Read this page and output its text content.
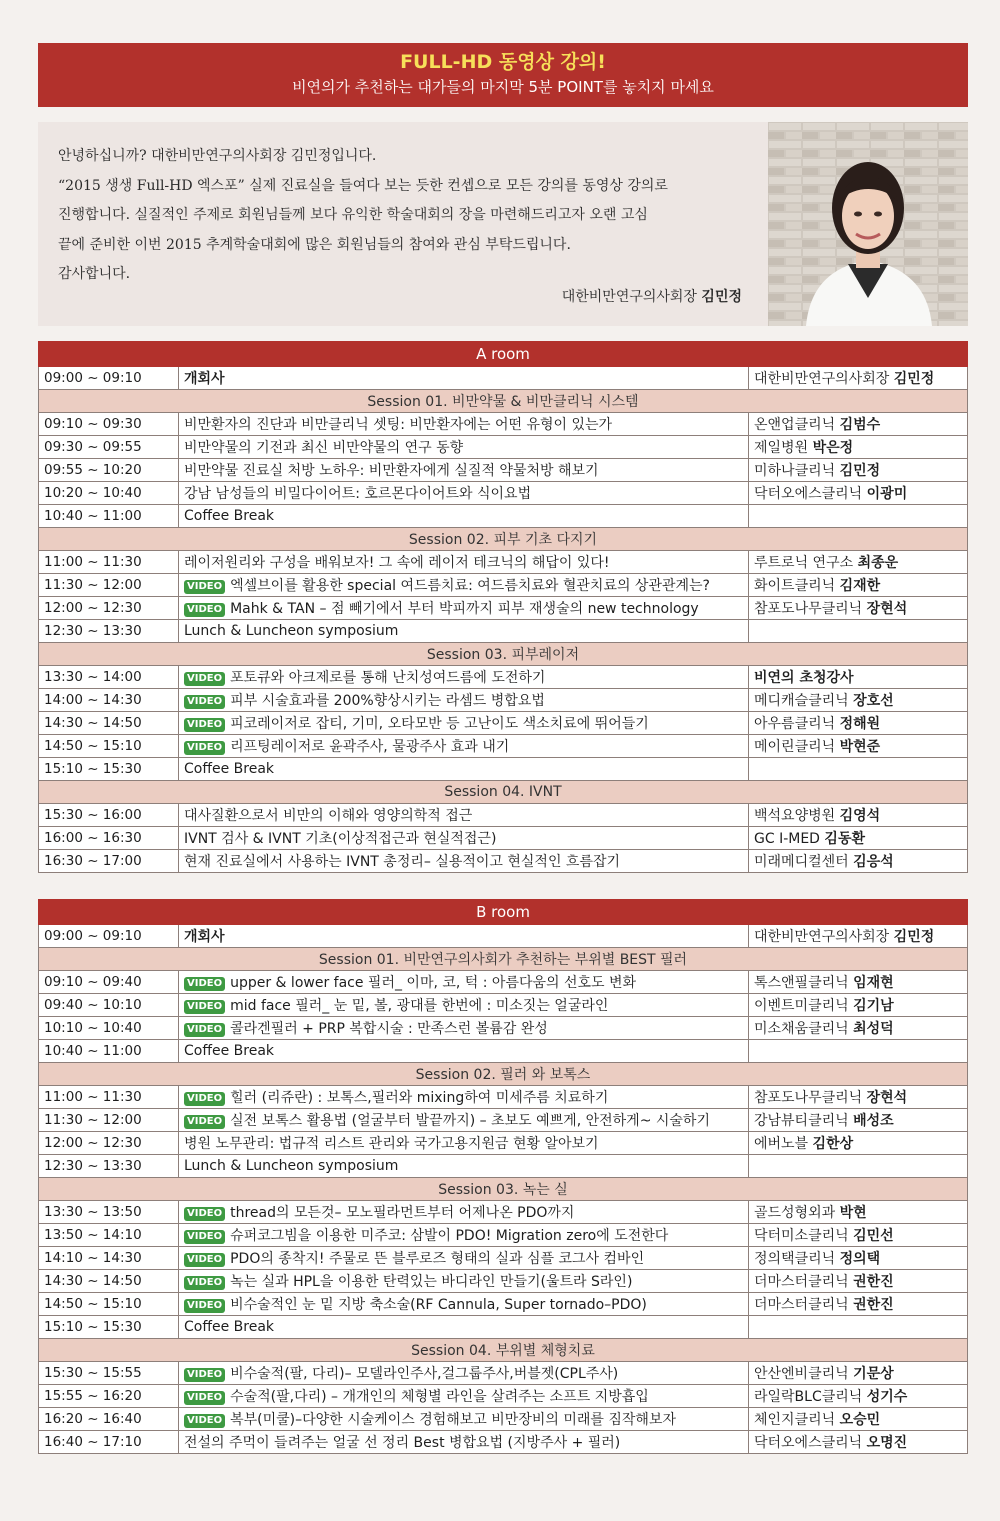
FULL-HD 동영상 강의!
비연의가 추천하는 대가들의 마지막 5분 POINT를 놓치지 마세요
안녕하십니까? 대한비만연구의사회장 김민정입니다.
“2015 생생 Full-HD 엑스포” 실제 진료실을 들여다 보는 듯한 컨셉으로 모든 강의를 동영상 강의로
진행합니다. 실질적인 주제로 회원님들께 보다 유익한 학술대회의 장을 마련해드리고자 오랜 고심
끝에 준비한 이번 2015 추계학술대회에 많은 회원님들의 참여와 관심 부탁드립니다.
감사합니다.
대한비만연구의사회장 김민정
A room		
09:00 ~ 09:10	개회사	대한비만연구의사회장 김민정
Session 01. 비만약물 & 비만클리닉 시스템		
09:10 ~ 09:30	비만환자의 진단과 비만클리닉 셋팅: 비만환자에는 어떤 유형이 있는가	온앤업클리닉 김범수
09:30 ~ 09:55	비만약물의 기전과 최신 비만약물의 연구 동향	제일병원 박은정
09:55 ~ 10:20	비만약물 진료실 처방 노하우: 비만환자에게 실질적 약물처방 해보기	미하나클리닉 김민정
10:20 ~ 10:40	강남 남성들의 비밀다이어트: 호르몬다이어트와 식이요법	닥터오에스클리닉 이광미
10:40 ~ 11:00	Coffee Break	
Session 02. 피부 기초 다지기		
11:00 ~ 11:30	레이저원리와 구성을 배워보자! 그 속에 레이저 테크닉의 해답이 있다!	루트로닉 연구소 최종운
11:30 ~ 12:00	VIDEO 엑셀브이를 활용한 special 여드름치료: 여드름치료와 혈관치료의 상관관계는?	화이트클리닉 김재한
12:00 ~ 12:30	VIDEO Mahk & TAN – 점 빼기에서 부터 박피까지 피부 재생술의 new technology	참포도나무클리닉 장현석
12:30 ~ 13:30	Lunch & Luncheon symposium	
Session 03. 피부레이저		
13:30 ~ 14:00	VIDEO 포토큐와 아크제로를 통해 난치성여드름에 도전하기	비연의 초청강사
14:00 ~ 14:30	VIDEO 피부 시술효과를 200%향상시키는 라셈드 병합요법	메디캐슬클리닉 장호선
14:30 ~ 14:50	VIDEO 피코레이저로 잡티, 기미, 오타모반 등 고난이도 색소치료에 뛰어들기	아우름클리닉 정해원
14:50 ~ 15:10	VIDEO 리프팅레이저로 윤곽주사, 물광주사 효과 내기	메이린클리닉 박현준
15:10 ~ 15:30	Coffee Break	
Session 04. IVNT		
15:30 ~ 16:00	대사질환으로서 비만의 이해와 영양의학적 접근	백석요양병원 김영석
16:00 ~ 16:30	IVNT 검사 & IVNT 기초(이상적접근과 현실적접근)	GC I-MED 김동환
16:30 ~ 17:00	현재 진료실에서 사용하는 IVNT 총정리– 실용적이고 현실적인 흐름잡기	미래메디컬센터 김응석
B room		
09:00 ~ 09:10	개회사	대한비만연구의사회장 김민정
Session 01. 비만연구의사회가 추천하는 부위별 BEST 필러		
09:10 ~ 09:40	VIDEO upper & lower face 필러_ 이마, 코, 턱 : 아름다움의 선호도 변화	톡스앤필클리닉 임재현
09:40 ~ 10:10	VIDEO mid face 필러_ 눈 밑, 볼, 광대를 한번에 : 미소짓는 얼굴라인	이벤트미클리닉 김기남
10:10 ~ 10:40	VIDEO 콜라겐필러 + PRP 복합시술 : 만족스런 볼륨감 완성	미소채움클리닉 최성덕
10:40 ~ 11:00	Coffee Break	
Session 02. 필러 와 보톡스		
11:00 ~ 11:30	VIDEO 힐러 (리쥬란) : 보톡스,필러와 mixing하여 미세주름 치료하기	참포도나무클리닉 장현석
11:30 ~ 12:00	VIDEO 실전 보톡스 활용법 (얼굴부터 발끝까지) – 초보도 예쁘게, 안전하게~ 시술하기	강남뷰티클리닉 배성조
12:00 ~ 12:30	병원 노무관리: 법규적 리스트 관리와 국가고용지원금 현황 알아보기	에버노블 김한상
12:30 ~ 13:30	Lunch & Luncheon symposium	
Session 03. 녹는 실		
13:30 ~ 13:50	VIDEO thread의 모든것– 모노필라먼트부터 어제나온 PDO까지	골드성형외과 박현
13:50 ~ 14:10	VIDEO 슈퍼코그빔을 이용한 미주코: 삼발이 PDO! Migration zero에 도전한다	닥터미소클리닉 김민선
14:10 ~ 14:30	VIDEO PDO의 종착지! 주물로 뜬 블루로즈 형태의 실과 심플 코그사 컴바인	정의택클리닉 정의택
14:30 ~ 14:50	VIDEO 녹는 실과 HPL을 이용한 탄력있는 바디라인 만들기(울트라 S라인)	더마스터클리닉 권한진
14:50 ~ 15:10	VIDEO 비수술적인 눈 밑 지방 축소술(RF Cannula, Super tornado–PDO)	더마스터클리닉 권한진
15:10 ~ 15:30	Coffee Break	
Session 04. 부위별 체형치료		
15:30 ~ 15:55	VIDEO 비수술적(팔, 다리)– 모델라인주사,걸그룹주사,버블젯(CPL주사)	안산엔비클리닉 기문상
15:55 ~ 16:20	VIDEO 수술적(팔,다리) – 개개인의 체형별 라인을 살려주는 소프트 지방흡입	라일락BLC클리닉 성기수
16:20 ~ 16:40	VIDEO 복부(미쿨)–다양한 시술케이스 경험해보고 비만장비의 미래를 짐작해보자	체인지클리닉 오승민
16:40 ~ 17:10	전설의 주먹이 들려주는 얼굴 선 정리 Best 병합요법 (지방주사 + 필러)	닥터오에스클리닉 오명진
